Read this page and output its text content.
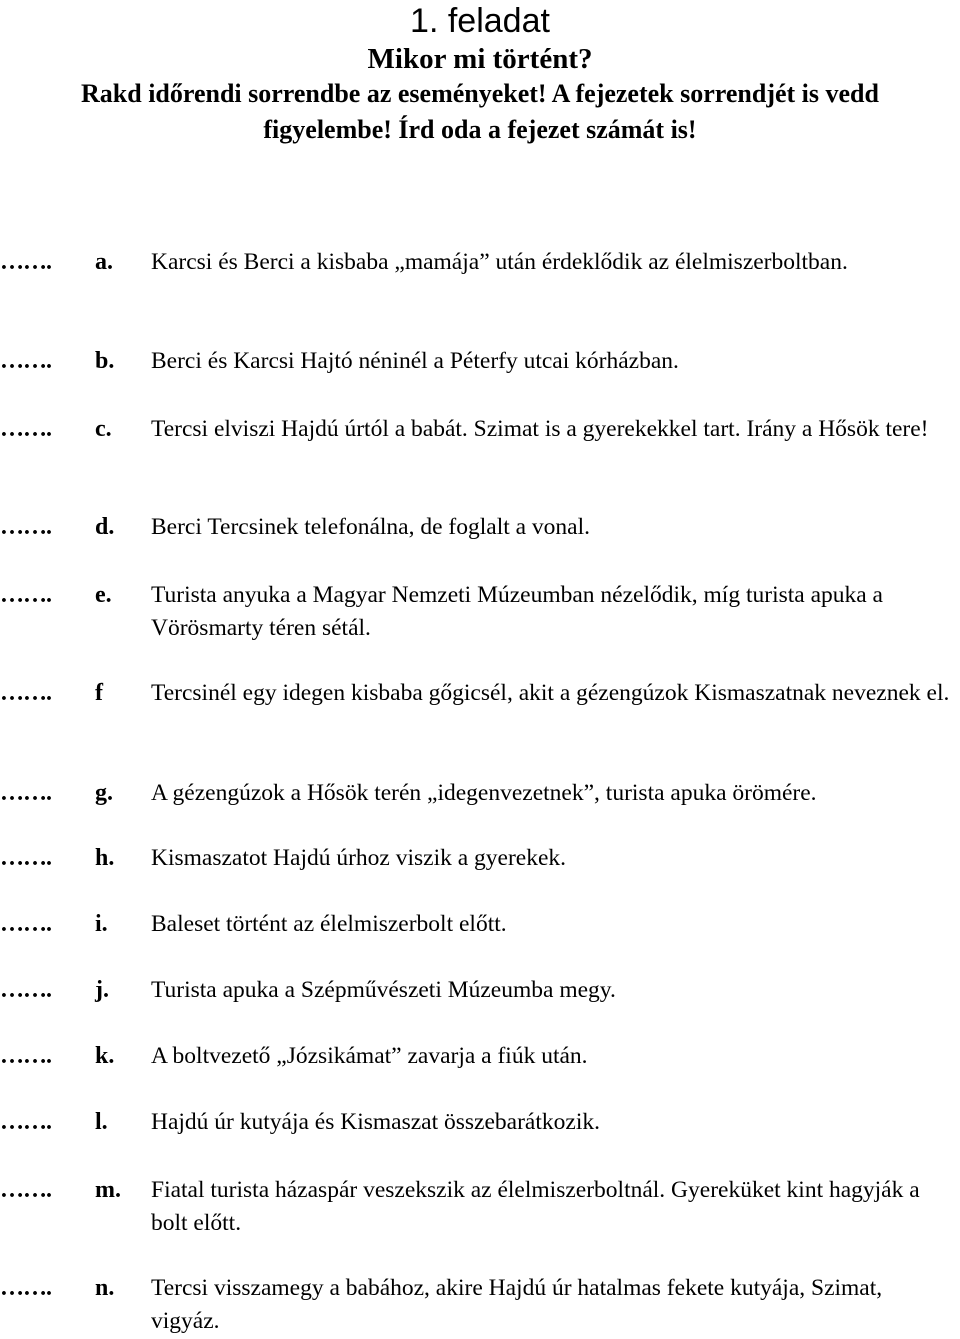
1. feladat
Mikor mi történt?
Rakd időrendi sorrendbe az eseményeket! A fejezetek sorrendjét is vedd figyelembe! Írd oda a fejezet számát is!
……. a. Karcsi és Berci a kisbaba „mamája” után érdeklődik az élelmiszerboltban.
……. b. Berci és Karcsi Hajtó néninél a Péterfy utcai kórházban.
……. c. Tercsi elviszi Hajdú úrtól a babát. Szimat is a gyerekekkel tart. Irány a Hősök tere!
……. d. Berci Tercsinek telefonálna, de foglalt a vonal.
……. e. Turista anyuka a Magyar Nemzeti Múzeumban nézelődik, míg turista apuka a Vörösmarty téren sétál.
……. f Tercsinél egy idegen kisbaba gőgicsél, akit a gézengúzok Kismaszatnak neveznek el.
……. g. A gézengúzok a Hősök terén „idegenvezetnek”, turista apuka örömére.
……. h. Kismaszatot Hajdú úrhoz viszik a gyerekek.
……. i. Baleset történt az élelmiszerbolt előtt.
……. j. Turista apuka a Szépművészeti Múzeumba megy.
……. k. A boltvezető „Józsikámat” zavarja a fiúk után.
……. l. Hajdú úr kutyája és Kismaszat összebarátkozik.
……. m. Fiatal turista házaspár veszekszik az élelmiszerboltnál. Gyereküket kint hagyják a bolt előtt.
……. n. Tercsi visszamegy a babához, akire Hajdú úr hatalmas fekete kutyája, Szimat, vigyáz.
